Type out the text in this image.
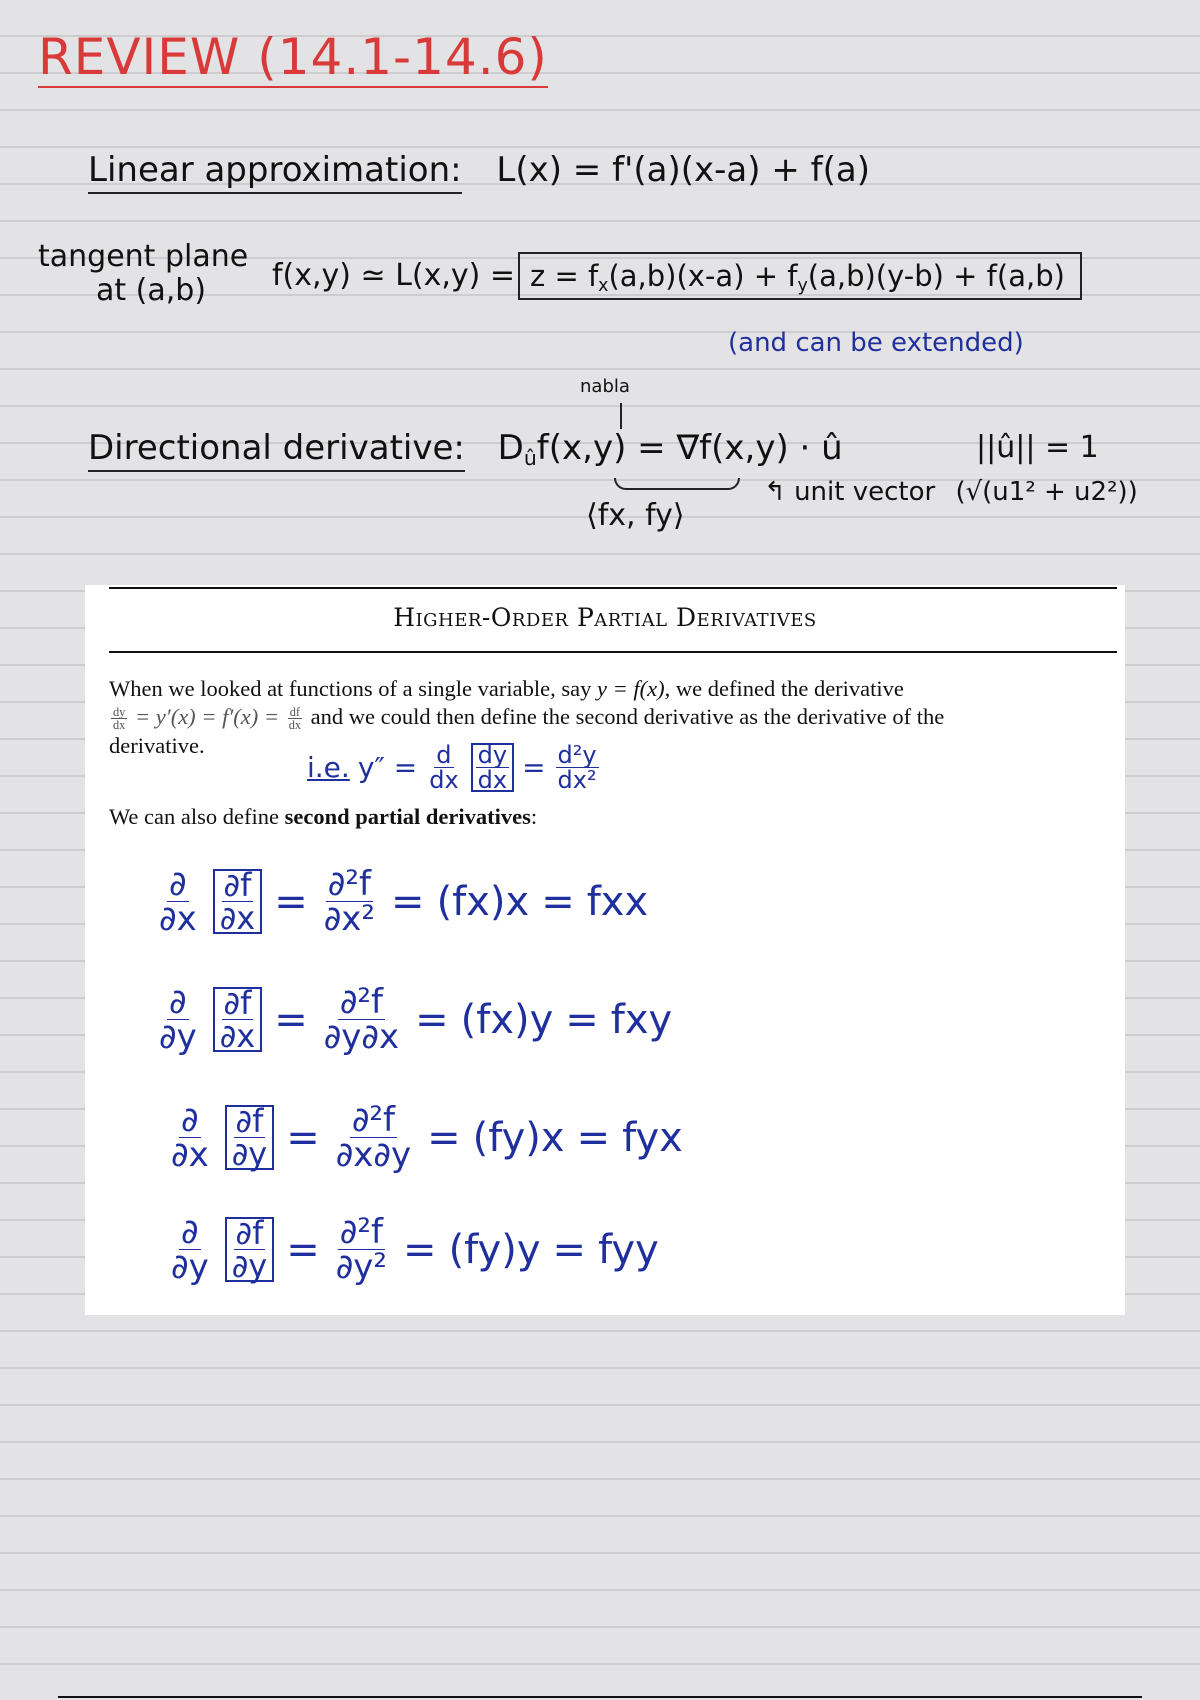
REVIEW (14.1-14.6)
Linear approximation: L(x) = f'(a)(x-a) + f(a)
tangent plane
at (a,b)	f(x,y) ≃ $L(x,y) = z = f_x(a,b)(x-a) + f_y(a,b)(y-b) + f(a,b)$
(and can be extended)
nabla
Directional derivative: $D_ûf(x,y) = \nabla f(x,y)$ · û
⟨fx, fy⟩
||û|| = 1
↰ unit vector (√(u1² + u2²))
Higher-Order Partial Derivatives
When we looked at functions of a single variable, say y = f(x), we defined the derivative

$\frac{dy}{dx} = y'(x) = f'(x) = \frac{df}{dx}$ and we could then define the second derivative as the derivative of the
derivative.
i.e. $y'' = \frac{d}{dx} \frac{dy}{dx} = \frac{\text{d²y}}{\text{dx²}}$
We can also define second partial derivatives:
$\frac{\partial}{\partial x} \frac{\partial f}{\partial x} = \frac{\text{∂²f}}{\text{∂x²}} = (fx)x$ = fxx
$\frac{\partial}{\partial y} \frac{\partial f}{\partial x} = \frac{\text{∂²f}}{\partial y\partial x} = (fx)y$ = fxy
$\frac{\partial}{\partial x} \frac{\partial f}{\partial y} = \frac{\text{∂²f}}{\partial x\partial y} = (fy)x$ = fyx
$\frac{\partial}{\partial y} \frac{\partial f}{\partial y} = \frac{\text{∂²f}}{\text{∂y²}} = (fy)y$ = fyy
